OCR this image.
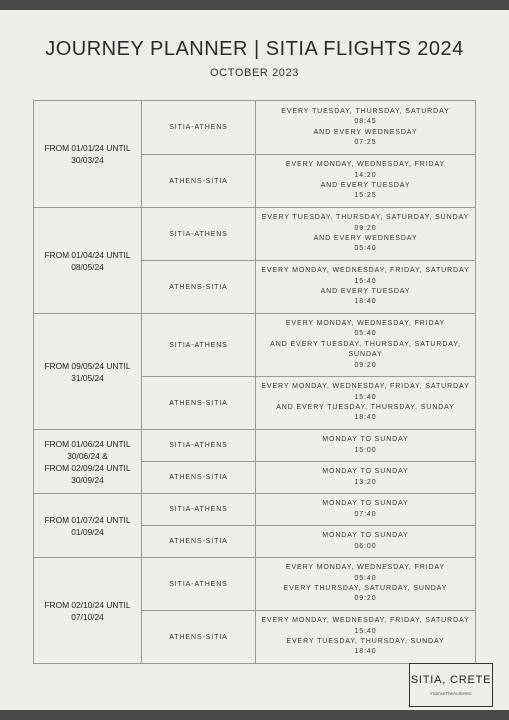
JOURNEY PLANNER | SITIA FLIGHTS 2024
OCTOBER 2023
FROM 01/01/24 UNTIL
30/03/24
SITIA-ATHENS
EVERY TUESDAY, THURSDAY, SATURDAY
08:45
AND EVERY WEDNESDAY
07:25
ATHENS-SITIA
EVERY MONDAY, WEDNESDAY, FRIDAY
14:20
AND EVERY TUESDAY
15:25
FROM 01/04/24 UNTIL
08/05/24
SITIA-ATHENS
EVERY TUESDAY, THURSDAY, SATURDAY, SUNDAY
09:20
AND EVERY WEDNESDAY
05:40
ATHENS-SITIA
EVERY MONDAY, WEDNESDAY, FRIDAY, SATURDAY
15:40
AND EVERY TUESDAY
18:40
FROM 09/05/24 UNTIL
31/05/24
SITIA-ATHENS
EVERY MONDAY, WEDNESDAY, FRIDAY
05:40
AND EVERY TUESDAY, THURSDAY, SATURDAY,
SUNDAY
09:20
ATHENS-SITIA
EVERY MONDAY, WEDNESDAY, FRIDAY, SATURDAY
15:40
AND EVERY TUESDAY, THURSDAY, SUNDAY
18:40
FROM 01/06/24 UNTIL
30/06/24 &
FROM 02/09/24 UNTIL
30/09/24
SITIA-ATHENS
MONDAY TO SUNDAY
15:00
ATHENS-SITIA
MONDAY TO SUNDAY
13:20
FROM 01/07/24 UNTIL
01/09/24
SITIA-ATHENS
MONDAY TO SUNDAY
07:40
ATHENS-SITIA
MONDAY TO SUNDAY
06:00
FROM 02/10/24 UNTIL
07/10/24
SITIA-ATHENS
EVERY MONDAY, WEDNESDAY, FRIDAY
05:40
EVERY THURSDAY, SATURDAY, SUNDAY
09:20
ATHENS-SITIA
EVERY MONDAY, WEDNESDAY, FRIDAY, SATURDAY
15:40
EVERY TUESDAY, THURSDAY, SUNDAY
18:40
SITIA, CRETE
#SenseTheAuthentic
